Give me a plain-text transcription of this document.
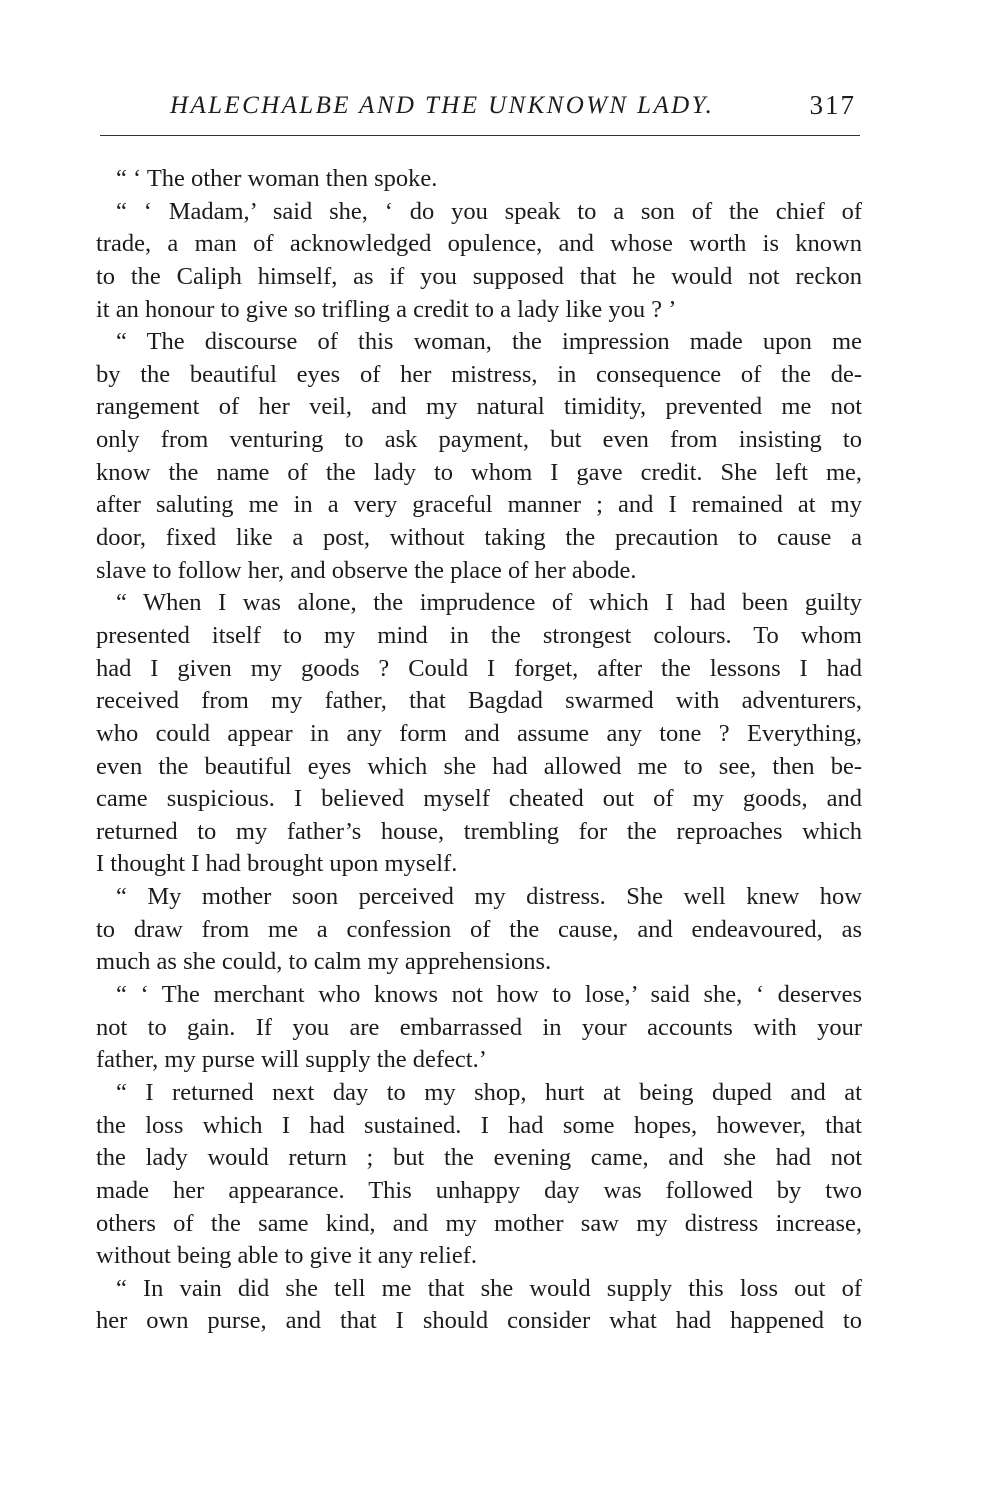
HALECHALBE AND THE UNKNOWN LADY.	317
“ ‘ The other woman then spoke.
“ ‘ Madam,’ said she, ‘ do you speak to a son of the chief of
trade, a man of acknowledged opulence, and whose worth is known
to the Caliph himself, as if you supposed that he would not reckon
it an honour to give so trifling a credit to a lady like you ? ’
“ The discourse of this woman, the impression made upon me
by the beautiful eyes of her mistress, in consequence of the de-
rangement of her veil, and my natural timidity, prevented me not
only from venturing to ask payment, but even from insisting to
know the name of the lady to whom I gave credit. She left me,
after saluting me in a very graceful manner ; and I remained at my
door, fixed like a post, without taking the precaution to cause a
slave to follow her, and observe the place of her abode.
“ When I was alone, the imprudence of which I had been guilty
presented itself to my mind in the strongest colours. To whom
had I given my goods ? Could I forget, after the lessons I had
received from my father, that Bagdad swarmed with adventurers,
who could appear in any form and assume any tone ? Everything,
even the beautiful eyes which she had allowed me to see, then be-
came suspicious. I believed myself cheated out of my goods, and
returned to my father’s house, trembling for the reproaches which
I thought I had brought upon myself.
“ My mother soon perceived my distress. She well knew how
to draw from me a confession of the cause, and endeavoured, as
much as she could, to calm my apprehensions.
“ ‘ The merchant who knows not how to lose,’ said she, ‘ deserves
not to gain. If you are embarrassed in your accounts with your
father, my purse will supply the defect.’
“ I returned next day to my shop, hurt at being duped and at
the loss which I had sustained. I had some hopes, however, that
the lady would return ; but the evening came, and she had not
made her appearance. This unhappy day was followed by two
others of the same kind, and my mother saw my distress increase,
without being able to give it any relief.
“ In vain did she tell me that she would supply this loss out of
her own purse, and that I should consider what had happened to
